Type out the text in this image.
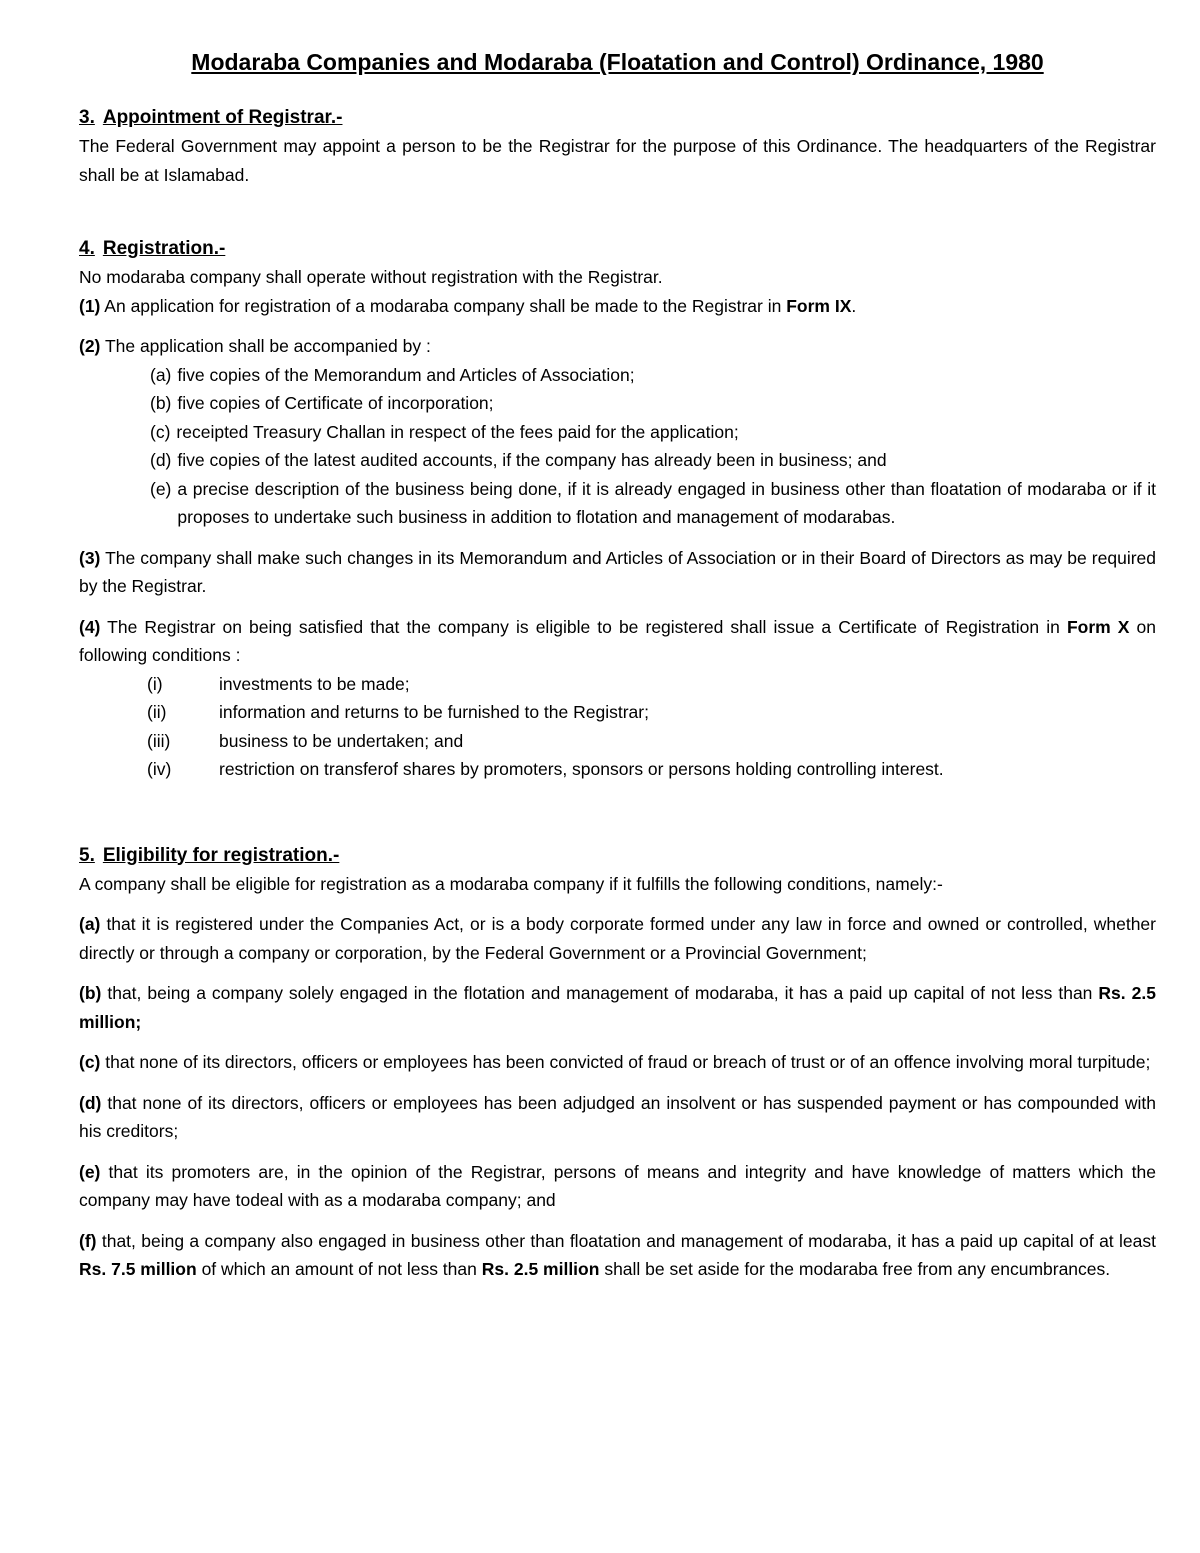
Modaraba Companies and Modaraba (Floatation and Control) Ordinance, 1980
3. Appointment of Registrar.-

The Federal Government may appoint a person to be the Registrar for the purpose of this Ordinance. The headquarters of the Registrar shall be at Islamabad.

4. Registration.-

No modaraba company shall operate without registration with the Registrar.

(1) An application for registration of a modaraba company shall be made to the Registrar in Form IX.

(2) The application shall be accompanied by :

(a) five copies of the Memorandum and Articles of Association;
(b) five copies of Certificate of incorporation;
(c) receipted Treasury Challan in respect of the fees paid for the application;
(d) five copies of the latest audited accounts, if the company has already been in business; and
(e) a precise description of the business being done, if it is already engaged in business other than floatation of modaraba or if it proposes to undertake such business in addition to flotation and management of modarabas.

(3) The company shall make such changes in its Memorandum and Articles of Association or in their Board of Directors as may be required by the Registrar.

(4) The Registrar on being satisfied that the company is eligible to be registered shall issue a Certificate of Registration in Form X on following conditions :

(i)	investments to be made;
(ii)	information and returns to be furnished to the Registrar;
(iii)	business to be undertaken; and
(iv)	restriction on transferof shares by promoters, sponsors or persons holding controlling interest.
5. Eligibility for registration.-

A company shall be eligible for registration as a modaraba company if it fulfills the following conditions, namely:-

(a) that it is registered under the Companies Act, or is a body corporate formed under any law in force and owned or controlled, whether directly or through a company or corporation, by the Federal Government or a Provincial Government;

(b) that, being a company solely engaged in the flotation and management of modaraba, it has a paid up capital of not less than Rs. 2.5 million;

(c) that none of its directors, officers or employees has been convicted of fraud or breach of trust or of an offence involving moral turpitude;

(d) that none of its directors, officers or employees has been adjudged an insolvent or has suspended payment or has compounded with his creditors;

(e) that its promoters are, in the opinion of the Registrar, persons of means and integrity and have knowledge of matters which the company may have todeal with as a modaraba company; and

(f) that, being a company also engaged in business other than floatation and management of modaraba, it has a paid up capital of at least Rs. 7.5 million of which an amount of not less than Rs. 2.5 million shall be set aside for the modaraba free from any encumbrances.
